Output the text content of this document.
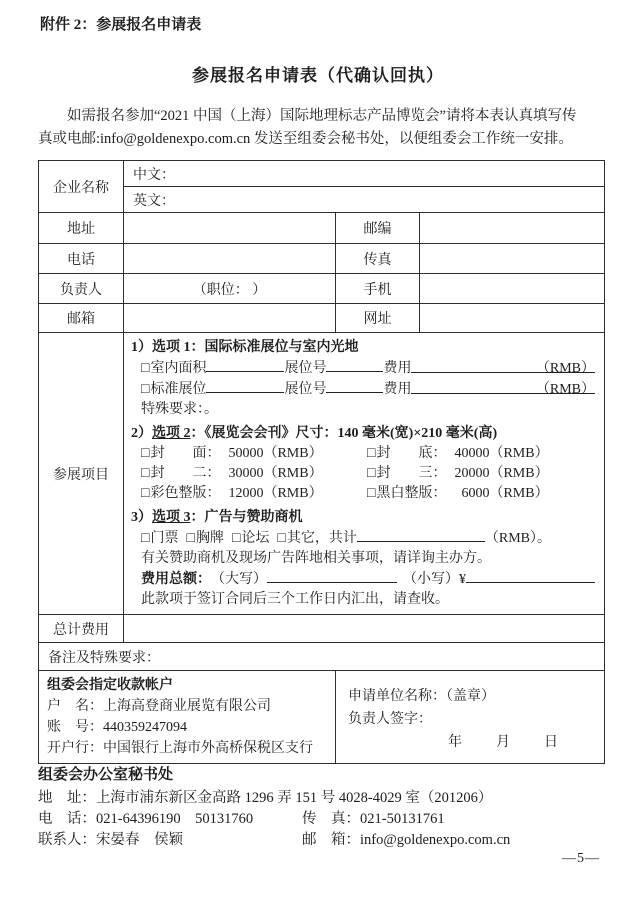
附件 2：参展报名申请表
参展报名申请表（代确认回执）
如需报名参加“2021 中国（上海）国际地理标志产品博览会”请将本表认真填写传
真或电邮:info@goldenexpo.com.cn 发送至组委会秘书处，以便组委会工作统一安排。
企业名称	中文：		
	英文：		
地址		邮编	
电话		传真	
负责人	（职位： ）	手机	
邮箱		网址	
参展项目	
1）选项 1：国际标准展位与室内光地
□ 室内面积	展位号	费用	（RMB）
□ 标准展位	展位号	费用	（RMB）
特殊要求：。
2）选项 2：《展览会会刊》尺寸：140 毫米(宽)×210 毫米(高)
□封　　面： 50000（RMB）	□封　　底： 40000（RMB）
□封　　二： 30000（RMB）	□封　　三： 20000（RMB）
□彩色整版： 12000（RMB）	□黑白整版：  6000（RMB）
3）选项 3：广告与赞助商机
□门票 □胸牌 □论坛 □其它 ，共计	（RMB）。
有关赞助商机及现场广告阵地相关事项，请详询主办方。
费用总额： （大写）	（小写）¥
此款项于签订合同后三个工作日内汇出，请查收。

总计费用			
备注及特殊要求：			

组委会指定收款帐户
户　名：上海高登商业展览有限公司
账　号：440359247094
开户行：中国银行上海市外高桥保税区支行

申请单位名称：（盖章）
负责人签字：
年　　月　　日
组委会办公室秘书处
地　址： 上海市浦东新区金高路 1296 弄 151 号 4028-4029 室（201206）
电　话：021-64396190　50131760	传　真：021-50131761
联系人：宋晏春　侯颖	邮　箱：info@goldenexpo.com.cn
—5—
